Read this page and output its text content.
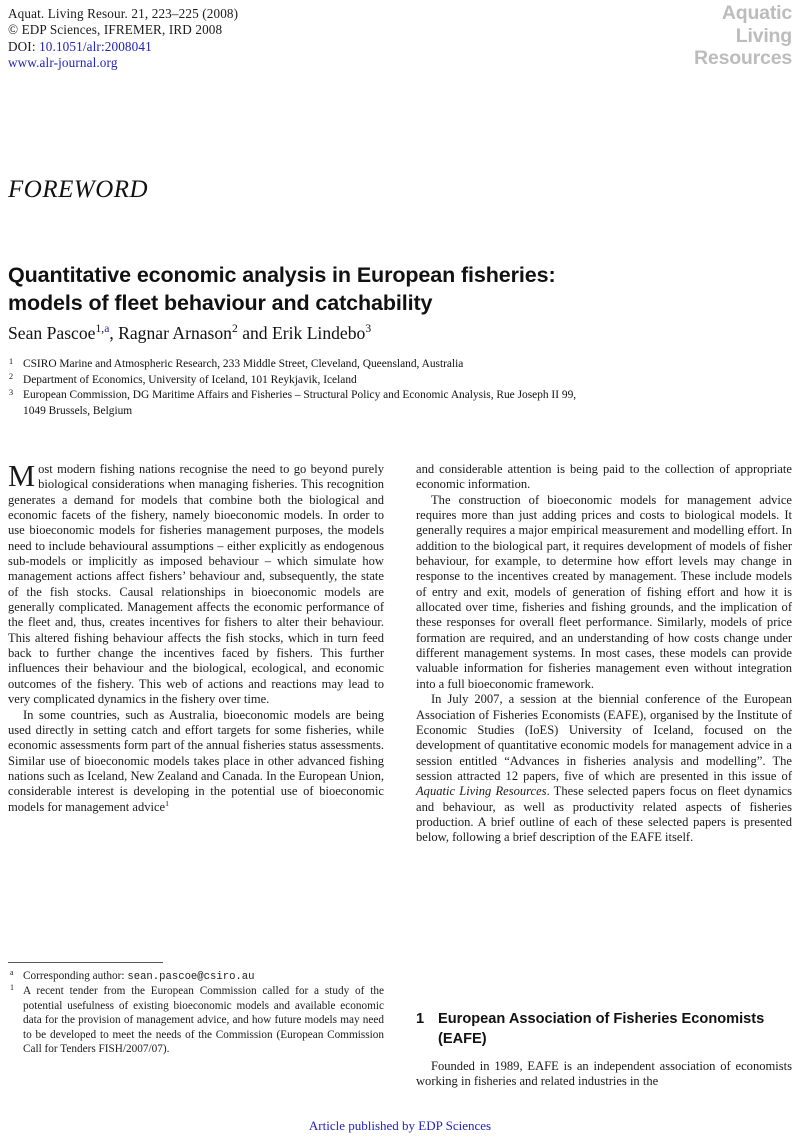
Aquat. Living Resour. 21, 223–225 (2008)
© EDP Sciences, IFREMER, IRD 2008
DOI: 10.1051/alr:2008041
www.alr-journal.org
Aquatic
Living
Resources
FOREWORD
Quantitative economic analysis in European fisheries:
models of fleet behaviour and catchability
Sean Pascoe$^{1,a}$, Ragnar Arnason$^2$ and Erik Lindebo$^3$
1 CSIRO Marine and Atmospheric Research, 233 Middle Street, Cleveland, Queensland, Australia
2 Department of Economics, University of Iceland, 101 Reykjavik, Iceland
3 European Commission, DG Maritime Affairs and Fisheries – Structural Policy and Economic Analysis, Rue Joseph II 99,
1049 Brussels, Belgium

Most modern fishing nations recognise the need to go beyond purely biological considerations when managing fisheries. This recognition generates a demand for models that combine both the biological and economic facets of the fishery, namely bioeconomic models. In order to use bioeconomic models for fisheries management purposes, the models need to include behavioural assumptions – either explicitly as endogenous sub-models or implicitly as imposed behaviour – which simulate how management actions affect fishers’ behaviour and, subsequently, the state of the fish stocks. Causal relationships in bioeconomic models are generally complicated. Management affects the economic performance of the fleet and, thus, creates incentives for fishers to alter their behaviour. This altered fishing behaviour affects the fish stocks, which in turn feed back to further change the incentives faced by fishers. This further influences their behaviour and the biological, ecological, and economic outcomes of the fishery. This web of actions and reactions may lead to very complicated dynamics in the fishery over time.

In some countries, such as Australia, bioeconomic models are being used directly in setting catch and effort targets for some fisheries, while economic assessments form part of the annual fisheries status assessments. Similar use of bioeconomic models takes place in other advanced fishing nations such as Iceland, New Zealand and Canada. In the European Union, considerable interest is developing in the potential use of bioeconomic models for management advice$^1$

a Corresponding author: sean.pascoe@csiro.au
1 A recent tender from the European Commission called for a study of the potential usefulness of existing bioeconomic models and available economic data for the provision of management advice, and how future models may need to be developed to meet the needs of the Commission (European Commission Call for Tenders FISH/2007/07).

and considerable attention is being paid to the collection of appropriate economic information.

The construction of bioeconomic models for management advice requires more than just adding prices and costs to biological models. It generally requires a major empirical measurement and modelling effort. In addition to the biological part, it requires development of models of fisher behaviour, for example, to determine how effort levels may change in response to the incentives created by management. These include models of entry and exit, models of generation of fishing effort and how it is allocated over time, fisheries and fishing grounds, and the implication of these responses for overall fleet performance. Similarly, models of price formation are required, and an understanding of how costs change under different management systems. In most cases, these models can provide valuable information for fisheries management even without integration into a full bioeconomic framework.

In July 2007, a session at the biennial conference of the European Association of Fisheries Economists (EAFE), organised by the Institute of Economic Studies (IoES) University of Iceland, focused on the development of quantitative economic models for management advice in a session entitled “Advances in fisheries analysis and modelling”. The session attracted 12 papers, five of which are presented in this issue of Aquatic Living Resources. These selected papers focus on fleet dynamics and behaviour, as well as productivity related aspects of fisheries production. A brief outline of each of these selected papers is presented below, following a brief description of the EAFE itself.

1 European Association of Fisheries Economists (EAFE)

Founded in 1989, EAFE is an independent association of economists working in fisheries and related industries in the

Article published by EDP Sciences
